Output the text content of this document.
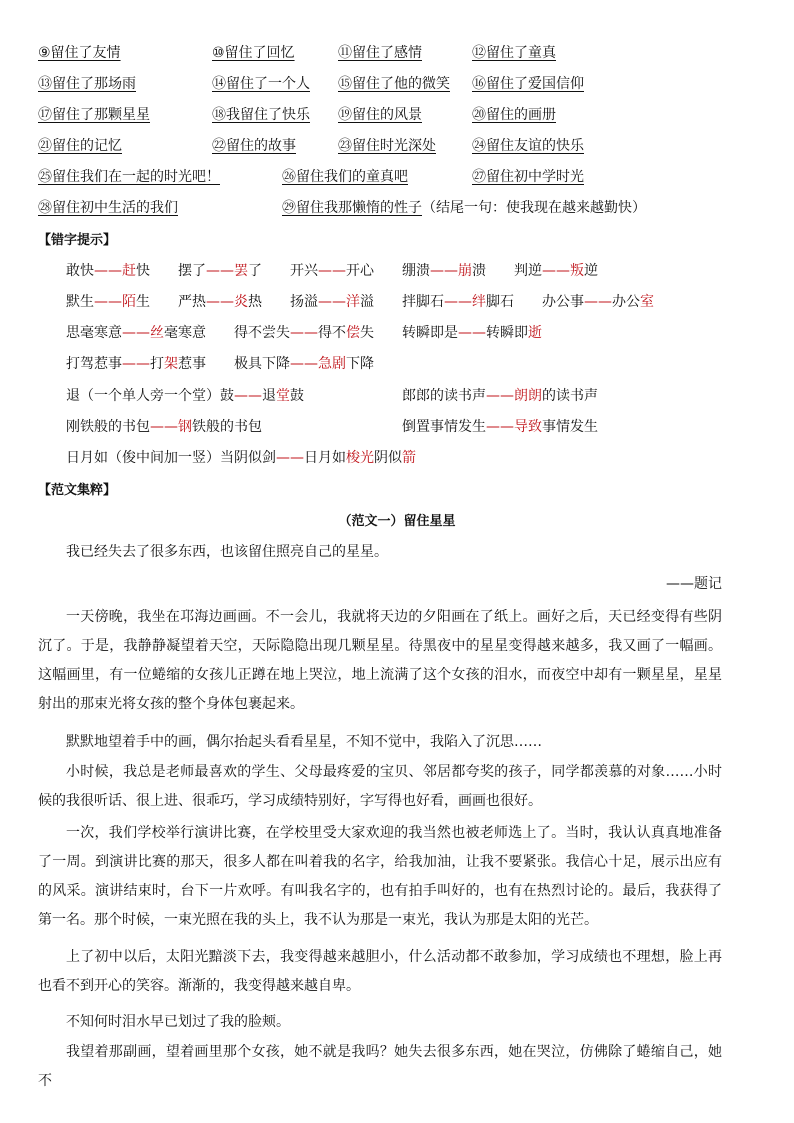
⑨留住了友情	⑩留住了回忆	⑪留住了感情	⑫留住了童真
⑬留住了那场雨	⑭留住了一个人 ⑮留住了他的微笑 ⑯留住了爱国信仰
⑰留住了那颗星星	⑱我留住了快乐 ⑲留住的风景	⑳留住的画册
㉑留住的记忆	㉒留住的故事	㉓留住时光深处	㉔留住友谊的快乐
㉕留住我们在一起的时光吧！	㉖留住我们的童真吧	㉗留住初中学时光
㉘留住初中生活的我们	㉙留住我那懒惰的性子 （结尾一句：使我现在越来越勤快）
【错字提示】
敢快——赶快 摆了——罢了 开兴——开心 绷溃——崩溃 判逆——叛逆
默生——陌生 严热——炎热 扬溢——洋溢 拌脚石——绊脚石 办公事——办公室
思毫寒意——丝毫寒意 得不尝失——得不偿失 转瞬即是——转瞬即逝
打驾惹事——打架惹事 极具下降——急剧下降
退（一个单人旁一个堂）鼓——退堂鼓	郎郎的读书声——朗朗的读书声
刚铁般的书包——钢铁般的书包	倒置事情发生——导致事情发生
日月如（俊中间加一竖）当阴似剑——日月如梭光阴似箭
【范文集粹】
（范文一）留住星星
我已经失去了很多东西，也该留住照亮自己的星星。
——题记
一天傍晚，我坐在邛海边画画。不一会儿，我就将天边的夕阳画在了纸上。画好之后，天已经变得有些阴沉了。于是，我静静凝望着天空，天际隐隐出现几颗星星。待黑夜中的星星变得越来越多，我又画了一幅画。这幅画里，有一位蜷缩的女孩儿正蹲在地上哭泣，地上流满了这个女孩的泪水，而夜空中却有一颗星星，星星射出的那束光将女孩的整个身体包裹起来。
默默地望着手中的画，偶尔抬起头看看星星，不知不觉中，我陷入了沉思……
小时候，我总是老师最喜欢的学生、父母最疼爱的宝贝、邻居都夸奖的孩子，同学都羡慕的对象……小时候的我很听话、很上进、很乖巧，学习成绩特别好，字写得也好看，画画也很好。
一次，我们学校举行演讲比赛，在学校里受大家欢迎的我当然也被老师选上了。当时，我认认真真地准备了一周。到演讲比赛的那天，很多人都在叫着我的名字，给我加油，让我不要紧张。我信心十足，展示出应有的风采。演讲结束时，台下一片欢呼。有叫我名字的，也有拍手叫好的，也有在热烈讨论的。最后，我获得了第一名。那个时候，一束光照在我的头上，我不认为那是一束光，我认为那是太阳的光芒。
上了初中以后，太阳光黯淡下去，我变得越来越胆小，什么活动都不敢参加，学习成绩也不理想，脸上再也看不到开心的笑容。渐渐的，我变得越来越自卑。
不知何时泪水早已划过了我的脸颊。
我望着那副画，望着画里那个女孩，她不就是我吗？她失去很多东西，她在哭泣，仿佛除了蜷缩自己，她不
